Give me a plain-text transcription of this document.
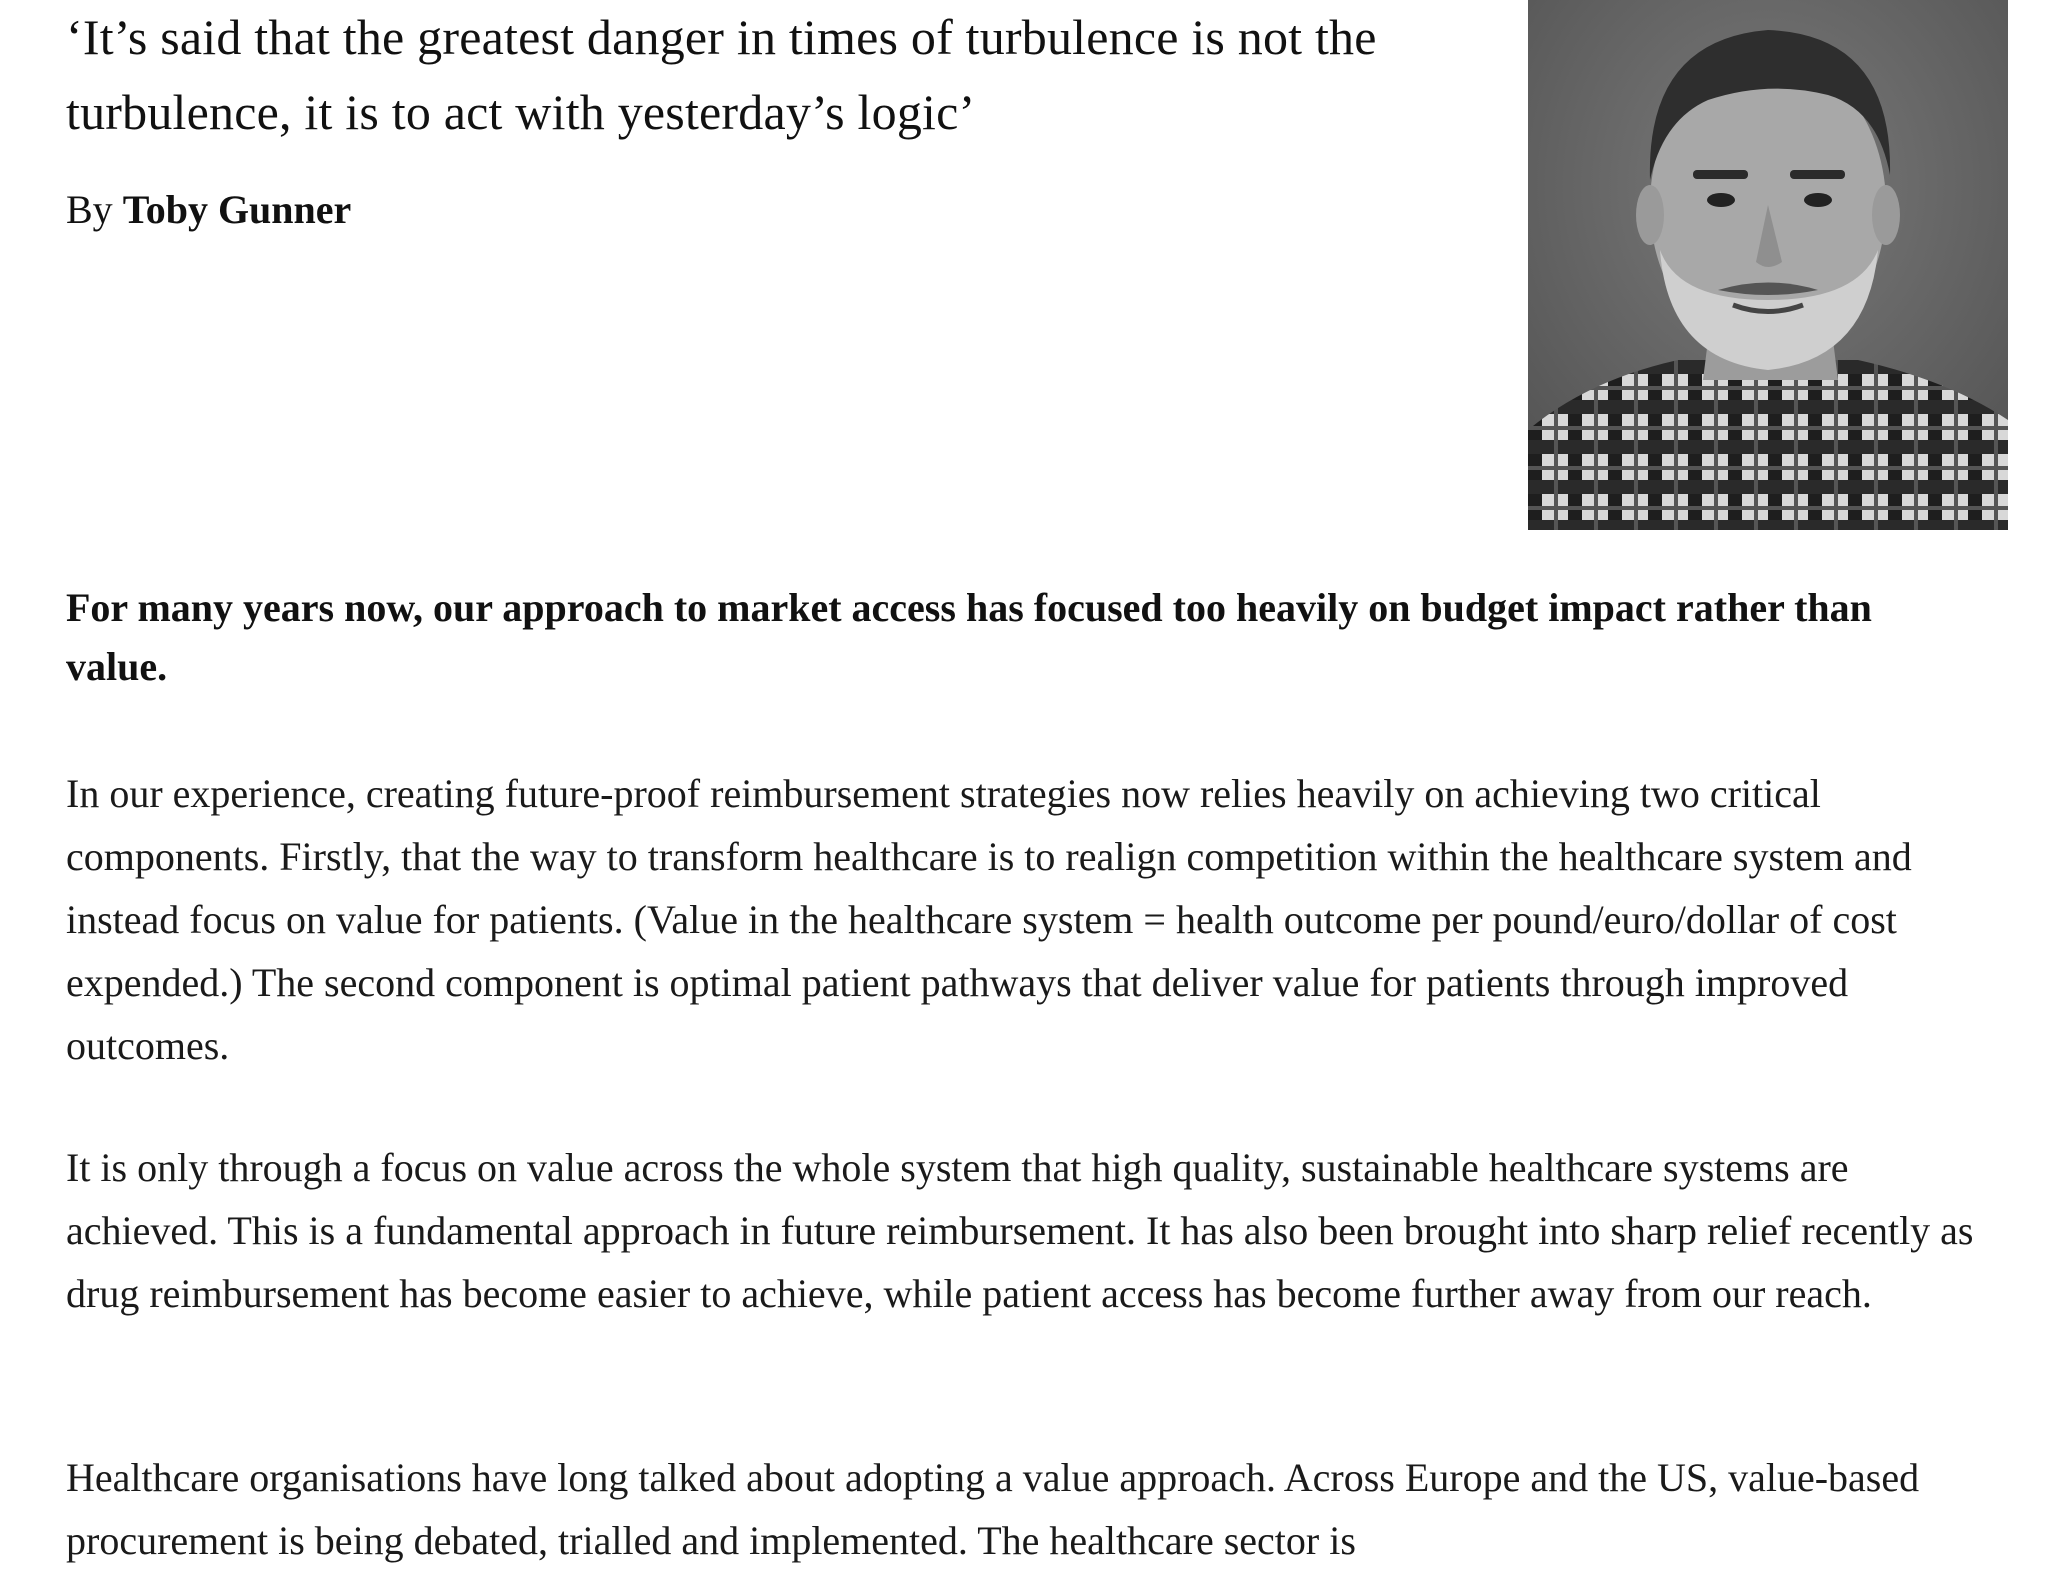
‘It’s said that the greatest danger in times of turbulence is not the turbulence, it is to act with yesterday’s logic’

By Toby Gunner

For many years now, our approach to market access has focused too heavily on budget impact rather than value.

In our experience, creating future-proof reimbursement strategies now relies heavily on achieving two critical components. Firstly, that the way to transform healthcare is to realign competition within the healthcare system and instead focus on value for patients. (Value in the healthcare system = health outcome per pound/euro/dollar of cost expended.) The second component is optimal patient pathways that deliver value for patients through improved outcomes.

It is only through a focus on value across the whole system that high quality, sustainable healthcare systems are achieved. This is a fundamental approach in future reimbursement. It has also been brought into sharp relief recently as drug reimbursement has become easier to achieve, while patient access has become further away from our reach.

Healthcare organisations have long talked about adopting a value approach. Across Europe and the US, value-based procurement is being debated, trialled and implemented. The healthcare sector is
